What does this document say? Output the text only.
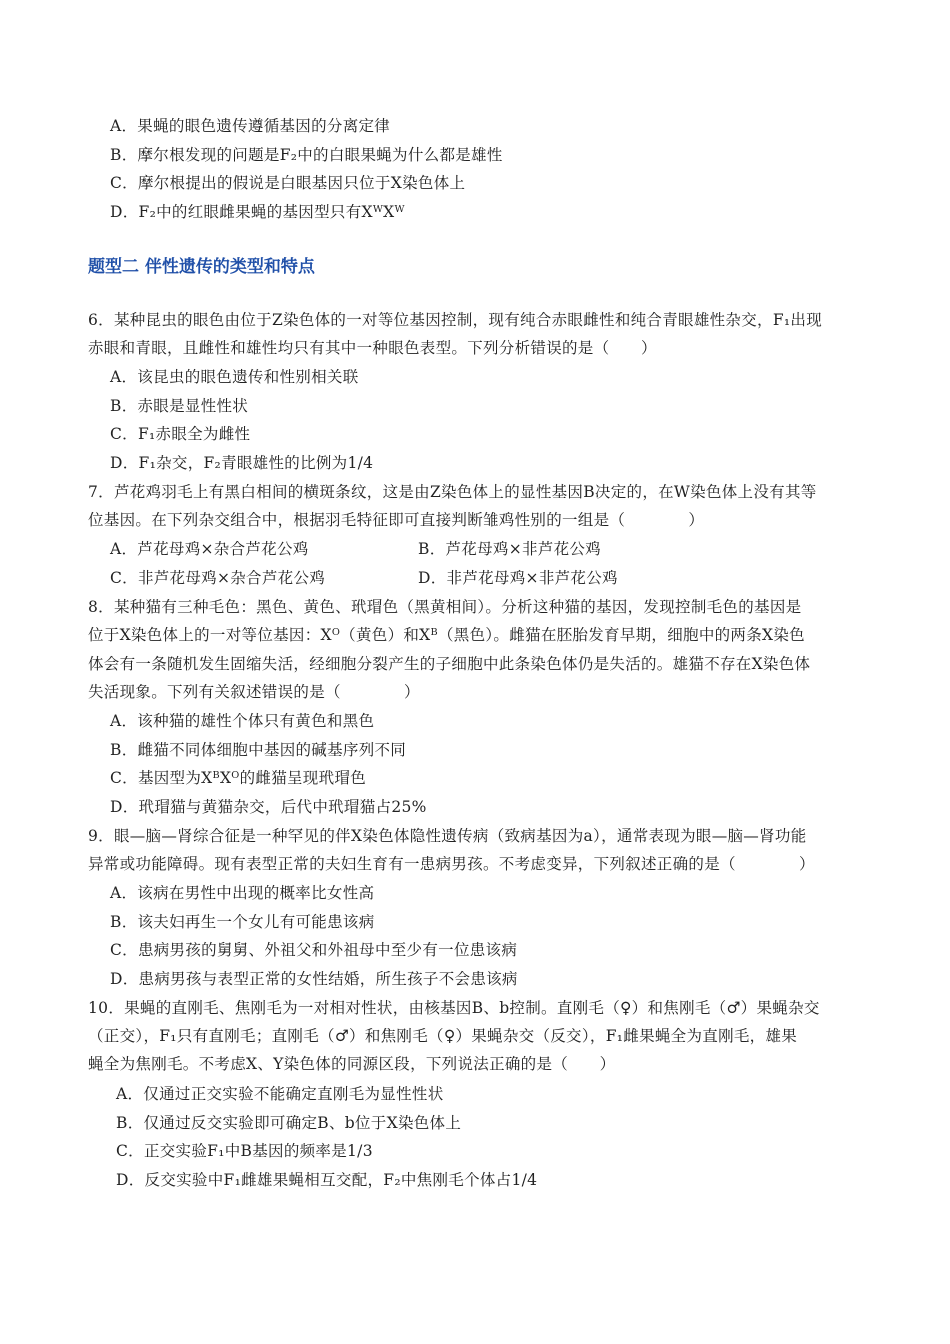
A．果蝇的眼色遗传遵循基因的分离定律
B．摩尔根发现的问题是F₂中的白眼果蝇为什么都是雄性
C．摩尔根提出的假说是白眼基因只位于X染色体上
D．F₂中的红眼雌果蝇的基因型只有XᵂXᵂ
题型二 伴性遗传的类型和特点
6．某种昆虫的眼色由位于Z染色体的一对等位基因控制，现有纯合赤眼雌性和纯合青眼雄性杂交，F₁出现
赤眼和青眼，且雌性和雄性均只有其中一种眼色表型。下列分析错误的是（　　）
A．该昆虫的眼色遗传和性别相关联
B．赤眼是显性性状
C．F₁赤眼全为雌性
D．F₁杂交，F₂青眼雄性的比例为1/4
7．芦花鸡羽毛上有黑白相间的横斑条纹，这是由Z染色体上的显性基因B决定的，在W染色体上没有其等
位基因。在下列杂交组合中，根据羽毛特征即可直接判断雏鸡性别的一组是（　　　　）
A．芦花母鸡×杂合芦花公鸡	B．芦花母鸡×非芦花公鸡
C．非芦花母鸡×杂合芦花公鸡	D．非芦花母鸡×非芦花公鸡
8．某种猫有三种毛色：黑色、黄色、玳瑁色（黑黄相间）。分析这种猫的基因，发现控制毛色的基因是
位于X染色体上的一对等位基因：Xᴼ（黄色）和Xᴮ（黑色）。雌猫在胚胎发育早期，细胞中的两条X染色
体会有一条随机发生固缩失活，经细胞分裂产生的子细胞中此条染色体仍是失活的。雄猫不存在X染色体
失活现象。下列有关叙述错误的是（　　　　）
A．该种猫的雄性个体只有黄色和黑色
B．雌猫不同体细胞中基因的碱基序列不同
C．基因型为XᴮXᴼ的雌猫呈现玳瑁色
D．玳瑁猫与黄猫杂交，后代中玳瑁猫占25%
9．眼—脑—肾综合征是一种罕见的伴X染色体隐性遗传病（致病基因为a），通常表现为眼—脑—肾功能
异常或功能障碍。现有表型正常的夫妇生育有一患病男孩。不考虑变异，下列叙述正确的是（　　　　）
A．该病在男性中出现的概率比女性高
B．该夫妇再生一个女儿有可能患该病
C．患病男孩的舅舅、外祖父和外祖母中至少有一位患该病
D．患病男孩与表型正常的女性结婚，所生孩子不会患该病
10．果蝇的直刚毛、焦刚毛为一对相对性状，由核基因B、b控制。直刚毛（♀）和焦刚毛（♂）果蝇杂交
（正交），F₁只有直刚毛；直刚毛（♂）和焦刚毛（♀）果蝇杂交（反交），F₁雌果蝇全为直刚毛，雄果
蝇全为焦刚毛。不考虑X、Y染色体的同源区段，下列说法正确的是（　　）
A．仅通过正交实验不能确定直刚毛为显性性状
B．仅通过反交实验即可确定B、b位于X染色体上
C．正交实验F₁中B基因的频率是1/3
D．反交实验中F₁雌雄果蝇相互交配，F₂中焦刚毛个体占1/4
